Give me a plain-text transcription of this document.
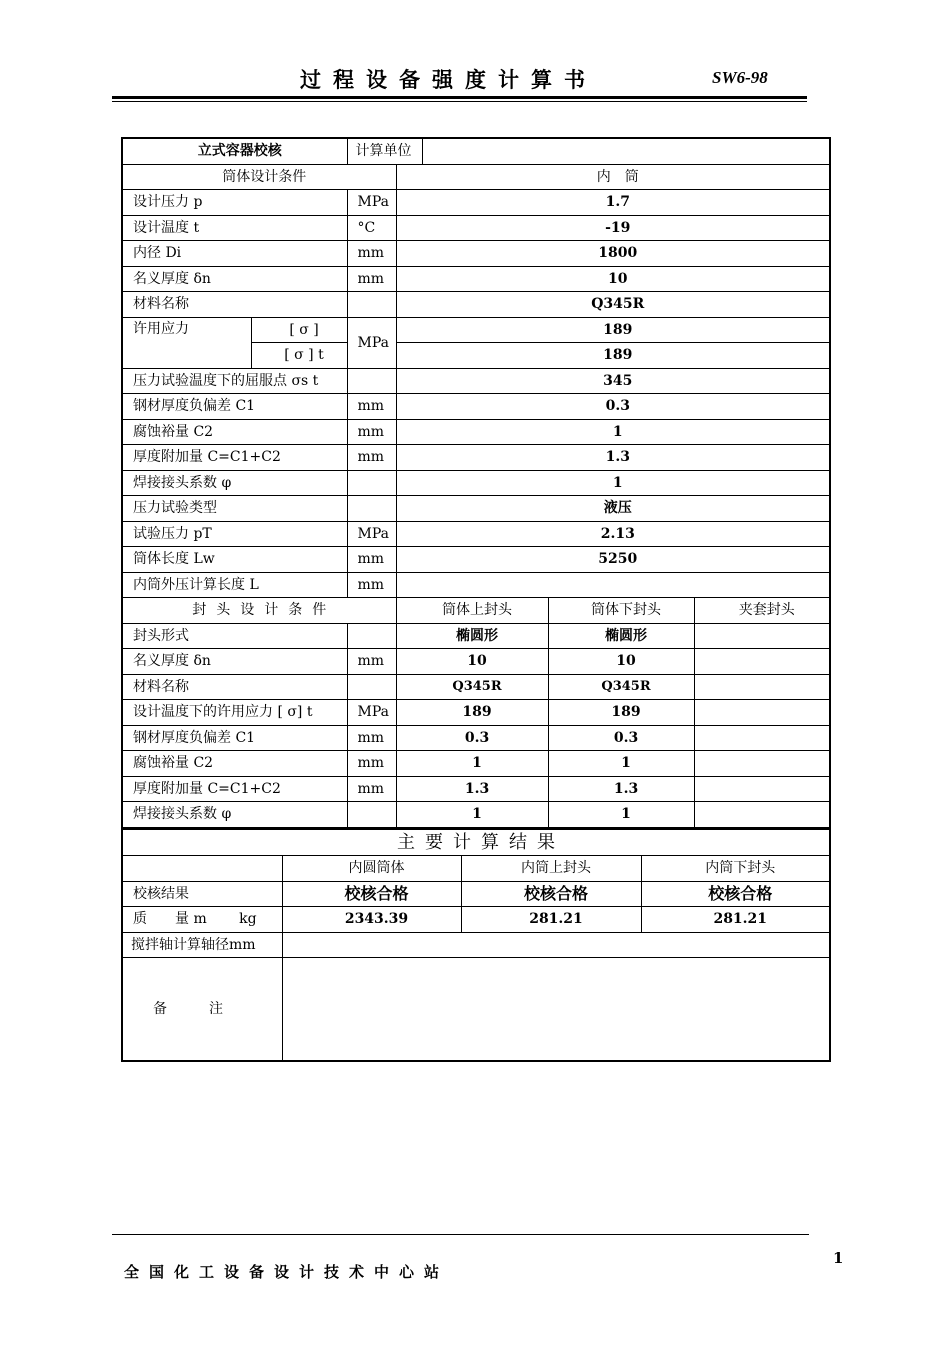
过程设备强度计算书	SW6-98
立式容器校核		计算单位				
筒体设计条件			内　筒			
设计压力 p		MPa	1.7			
设计温度 t		°C	-19			
内径 Di		mm	1800			
名义厚度 δn		mm	10			
材料名称			Q345R			
许用应力	[ σ ]	MPa	189			
	[ σ ] t		189			
压力试验温度下的屈服点 σs t			345			
钢材厚度负偏差 C1		mm	0.3			
腐蚀裕量 C2		mm	1			
厚度附加量 C=C1+C2		mm	1.3			
焊接接头系数 φ			1			
压力试验类型			液压			
试验压力 pT		MPa	2.13			
筒体长度 Lw		mm	5250			
内筒外压计算长度 L		mm				
封头设计条件			筒体上封头		筒体下封头	夹套封头
封头形式			椭圆形		椭圆形	
名义厚度 δn		mm	10		10	
材料名称			Q345R		Q345R	
设计温度下的许用应力 [ σ] t		MPa	189		189	
钢材厚度负偏差 C1		mm	0.3		0.3	
腐蚀裕量 C2		mm	1		1	
厚度附加量 C=C1+C2		mm	1.3		1.3	
焊接接头系数 φ			1		1	
主要计算结果			
	内圆筒体	内筒上封头	内筒下封头
校核结果	校核合格	校核合格	校核合格
质　　量 m　　 kg	2343.39	281.21	281.21
搅拌轴计算轴径mm			
备　　　注			
1
全国化工设备设计技术中心站
